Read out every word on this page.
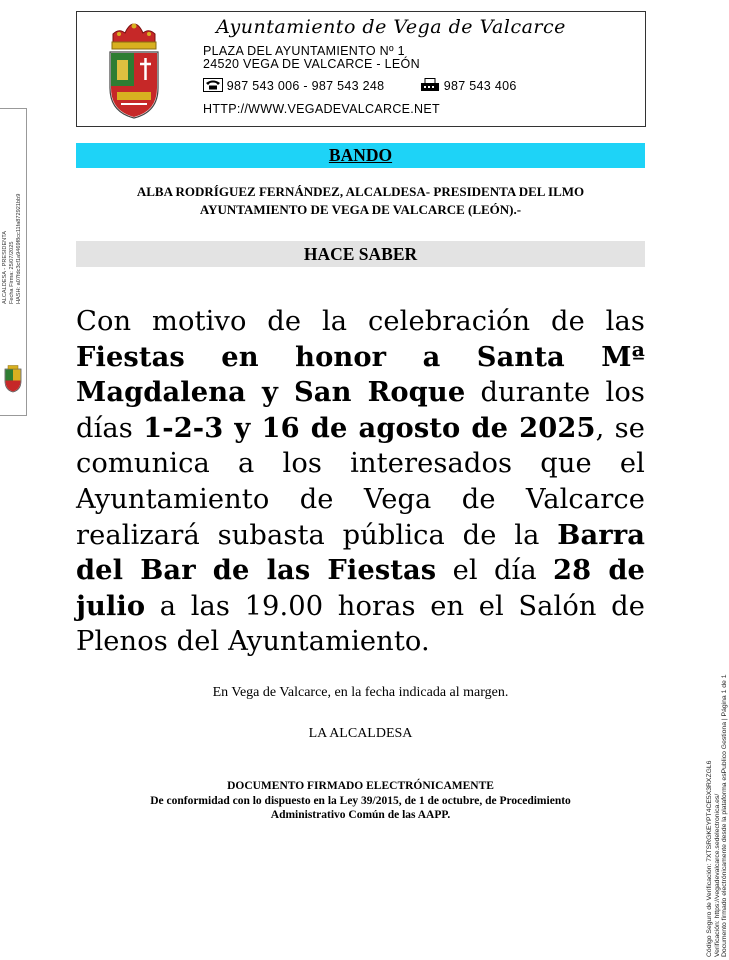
ALCALDESA - PRESIDENTA Fecha Firma: 25/07/2025 HASH: a07fdc3cf1a9469f8cc11fa872921bb9
Ayuntamiento de Vega de Valcarce
PLAZA DEL AYUNTAMIENTO Nº 1
24520 VEGA DE VALCARCE - LEÓN
987 543 006 - 987 543 248	987 543 406
HTTP://WWW.VEGADEVALCARCE.NET
BANDO
ALBA RODRÍGUEZ FERNÁNDEZ, ALCALDESA- PRESIDENTA DEL ILMO
AYUNTAMIENTO DE VEGA DE VALCARCE (LEÓN).-
HACE SABER
Con motivo de la celebración de las Fiestas en honor a Santa Mª Magdalena y San Roque durante los días 1-2-3 y 16 de agosto de 2025, se comunica a los interesados que el Ayuntamiento de Vega de Valcarce realizará subasta pública de la Barra del Bar de las Fiestas el día 28 de julio a las 19.00 horas en el Salón de Plenos del Ayuntamiento.
En Vega de Valcarce, en la fecha indicada al margen.
LA ALCALDESA
DOCUMENTO FIRMADO ELECTRÓNICAMENTE
De conformidad con lo dispuesto en la Ley 39/2015, de 1 de octubre, de Procedimiento
Administrativo Común de las AAPP.	Código Seguro de Verificación: 7XTSRGKEYPT4CE5X3RXZGL6 Verificación: https://vegadevalcarce.sedelectronica.es/ Documento firmado electrónicamente desde la plataforma esPublico Gestiona | Página 1 de 1
